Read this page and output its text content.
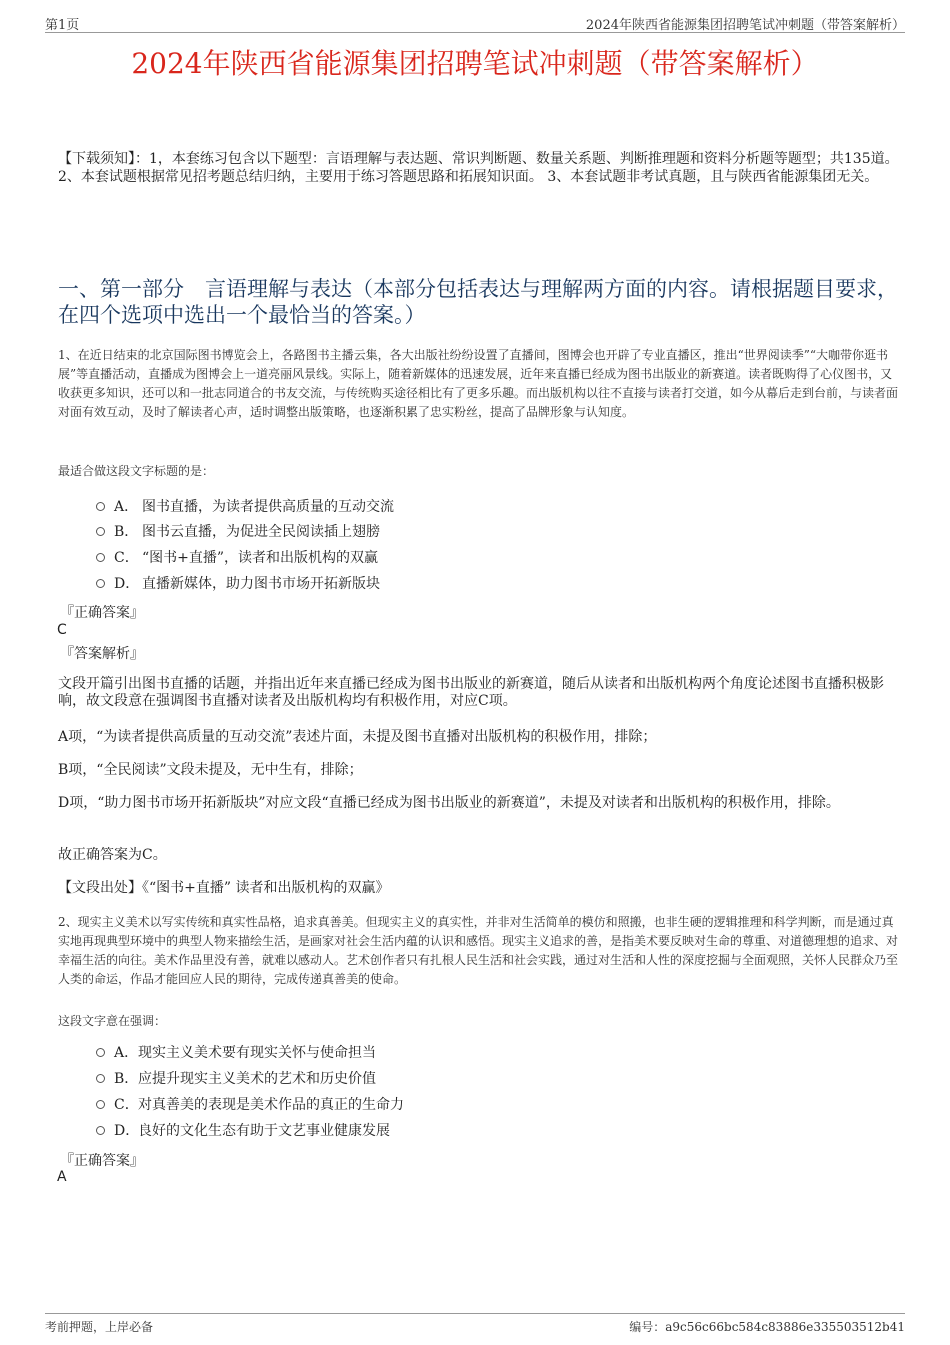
第1页	2024年陕西省能源集团招聘笔试冲刺题（带答案解析）
2024年陕西省能源集团招聘笔试冲刺题（带答案解析）
【下载须知】：1，本套练习包含以下题型：言语理解与表达题、常识判断题、数量关系题、判断推理题和资料分析题等题型；共135道。 2、本套试题根据常见招考题总结归纳，主要用于练习答题思路和拓展知识面。 3、本套试题非考试真题，且与陕西省能源集团无关。
一、第一部分　言语理解与表达（本部分包括表达与理解两方面的内容。请根据题目要求，在四个选项中选出一个最恰当的答案。）
1、在近日结束的北京国际图书博览会上，各路图书主播云集，各大出版社纷纷设置了直播间，图博会也开辟了专业直播区，推出“世界阅读季”“大咖带你逛书展”等直播活动，直播成为图博会上一道亮丽风景线。实际上，随着新媒体的迅速发展，近年来直播已经成为图书出版业的新赛道。读者既购得了心仪图书，又收获更多知识，还可以和一批志同道合的书友交流，与传统购买途径相比有了更多乐趣。而出版机构以往不直接与读者打交道，如今从幕后走到台前，与读者面对面有效互动，及时了解读者心声，适时调整出版策略，也逐渐积累了忠实粉丝，提高了品牌形象与认知度。
最适合做这段文字标题的是：
A． 图书直播，为读者提供高质量的互动交流
B． 图书云直播，为促进全民阅读插上翅膀
C． “图书+直播”，读者和出版机构的双赢
D． 直播新媒体，助力图书市场开拓新版块
『正确答案』
C
『答案解析』
文段开篇引出图书直播的话题，并指出近年来直播已经成为图书出版业的新赛道，随后从读者和出版机构两个角度论述图书直播积极影响，故文段意在强调图书直播对读者及出版机构均有积极作用，对应C项。
A项，“为读者提供高质量的互动交流”表述片面，未提及图书直播对出版机构的积极作用，排除；
B项，“全民阅读”文段未提及，无中生有，排除；
D项，“助力图书市场开拓新版块”对应文段“直播已经成为图书出版业的新赛道”，未提及对读者和出版机构的积极作用，排除。
故正确答案为C。
【文段出处】《“图书+直播” 读者和出版机构的双赢》
2、现实主义美术以写实传统和真实性品格，追求真善美。但现实主义的真实性，并非对生活简单的模仿和照搬，也非生硬的逻辑推理和科学判断，而是通过真实地再现典型环境中的典型人物来描绘生活，是画家对社会生活内蕴的认识和感悟。现实主义追求的善，是指美术要反映对生命的尊重、对道德理想的追求、对幸福生活的向往。美术作品里没有善，就难以感动人。艺术创作者只有扎根人民生活和社会实践，通过对生活和人性的深度挖掘与全面观照，关怀人民群众乃至人类的命运，作品才能回应人民的期待，完成传递真善美的使命。
这段文字意在强调：
A．现实主义美术要有现实关怀与使命担当
B．应提升现实主义美术的艺术和历史价值
C．对真善美的表现是美术作品的真正的生命力
D．良好的文化生态有助于文艺事业健康发展
『正确答案』
A
考前押题，上岸必备	编号：a9c56c66bc584c83886e335503512b41
